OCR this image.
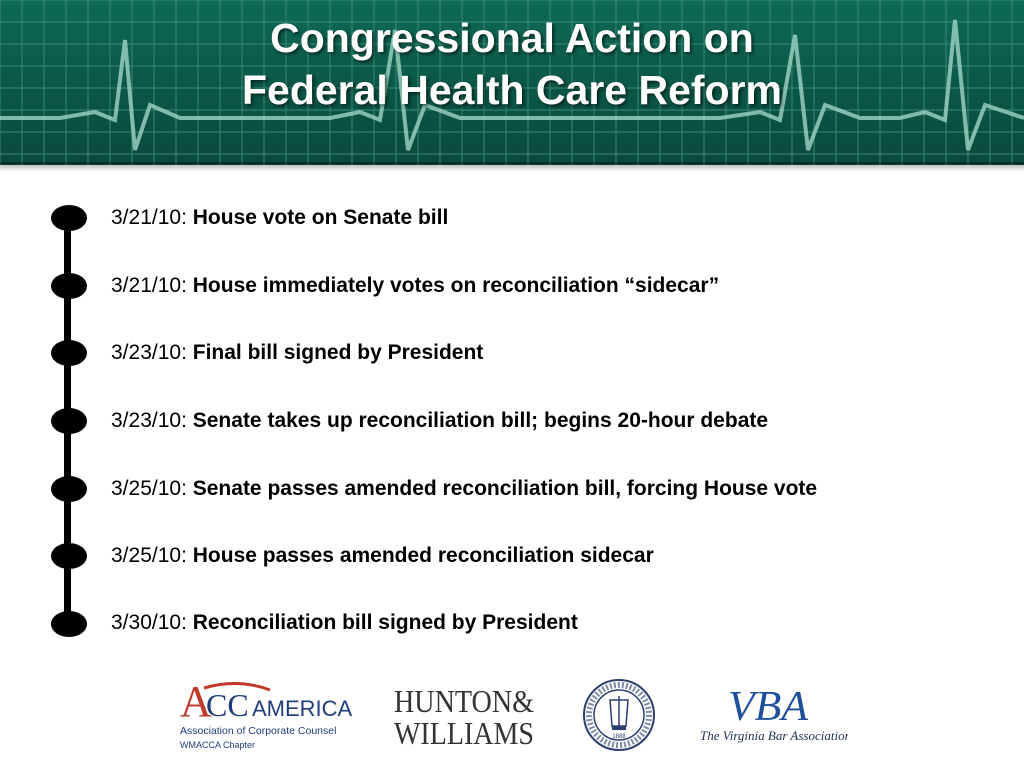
Congressional Action on
Federal Health Care Reform
3/21/10: House vote on Senate bill
3/21/10: House immediately votes on reconciliation “sidecar”
3/23/10: Final bill signed by President
3/23/10: Senate takes up reconciliation bill; begins 20-hour debate
3/25/10: Senate passes amended reconciliation bill, forcing House vote
3/25/10: House passes amended reconciliation sidecar
3/30/10: Reconciliation bill signed by President
A
CC AMERICA
Association of Corporate Counsel
WMACCA Chapter
HUNTON&
WILLIAMS	1888
VBA
The Virginia Bar Association
